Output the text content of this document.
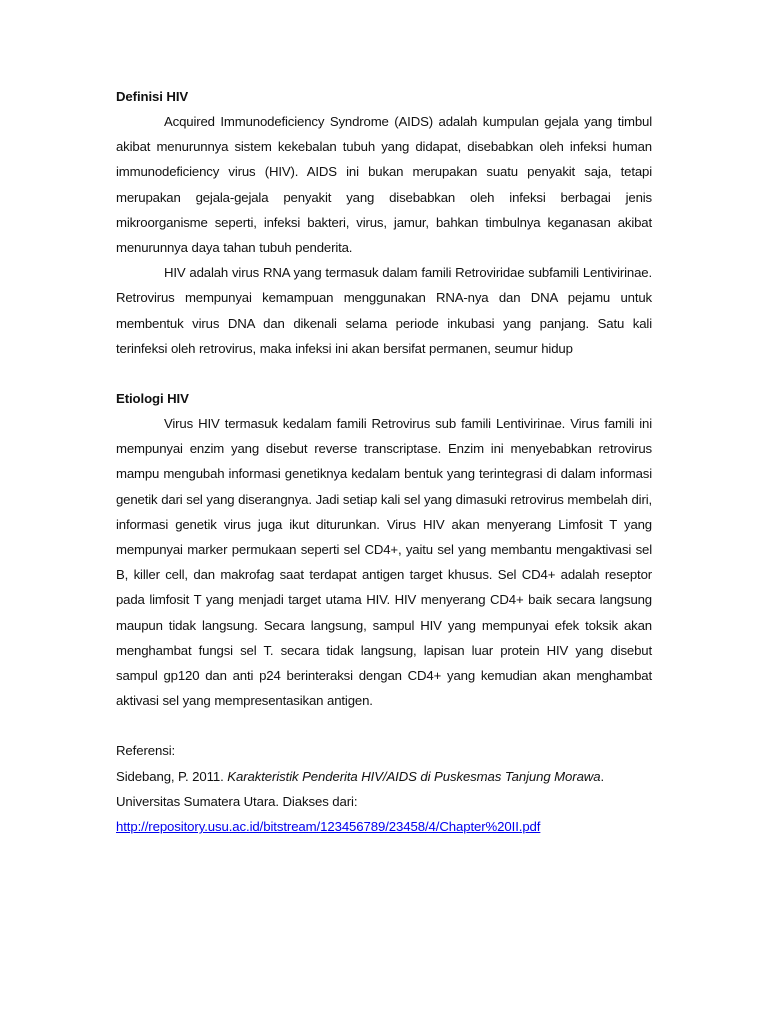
Definisi HIV

Acquired Immunodeficiency Syndrome (AIDS) adalah kumpulan gejala yang timbul akibat menurunnya sistem kekebalan tubuh yang didapat, disebabkan oleh infeksi human immunodeficiency virus (HIV). AIDS ini bukan merupakan suatu penyakit saja, tetapi merupakan gejala-gejala penyakit yang disebabkan oleh infeksi berbagai jenis mikroorganisme seperti, infeksi bakteri, virus, jamur, bahkan timbulnya keganasan akibat menurunnya daya tahan tubuh penderita.

HIV adalah virus RNA yang termasuk dalam famili Retroviridae subfamili Lentivirinae. Retrovirus mempunyai kemampuan menggunakan RNA-nya dan DNA pejamu untuk membentuk virus DNA dan dikenali selama periode inkubasi yang panjang. Satu kali terinfeksi oleh retrovirus, maka infeksi ini akan bersifat permanen, seumur hidup

Etiologi HIV

Virus HIV termasuk kedalam famili Retrovirus sub famili Lentivirinae. Virus famili ini mempunyai enzim yang disebut reverse transcriptase. Enzim ini menyebabkan retrovirus mampu mengubah informasi genetiknya kedalam bentuk yang terintegrasi di dalam informasi genetik dari sel yang diserangnya. Jadi setiap kali sel yang dimasuki retrovirus membelah diri, informasi genetik virus juga ikut diturunkan. Virus HIV akan menyerang Limfosit T yang mempunyai marker permukaan seperti sel CD4+, yaitu sel yang membantu mengaktivasi sel B, killer cell, dan makrofag saat terdapat antigen target khusus. Sel CD4+ adalah reseptor pada limfosit T yang menjadi target utama HIV. HIV menyerang CD4+ baik secara langsung maupun tidak langsung. Secara langsung, sampul HIV yang mempunyai efek toksik akan menghambat fungsi sel T. secara tidak langsung, lapisan luar protein HIV yang disebut sampul gp120 dan anti p24 berinteraksi dengan CD4+ yang kemudian akan menghambat aktivasi sel yang mempresentasikan antigen.

Referensi:

Sidebang, P. 2011. Karakteristik Penderita HIV/AIDS di Puskesmas Tanjung Morawa.

Universitas Sumatera Utara. Diakses dari:

http://repository.usu.ac.id/bitstream/123456789/23458/4/Chapter%20II.pdf
